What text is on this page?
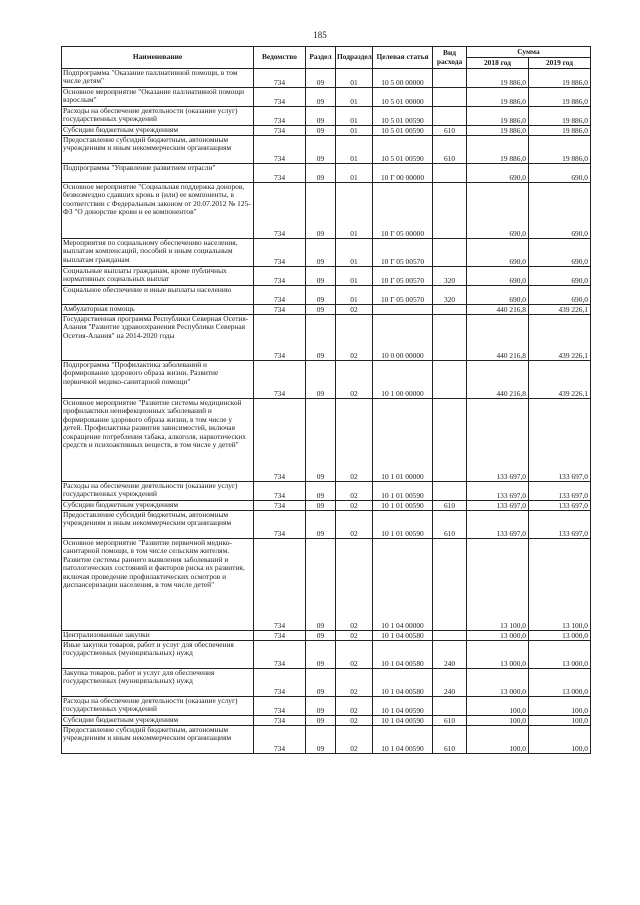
185
Наименование	Ведомство	Раздел	Подраздел	Целевая статья	Вид расхода	Сумма	
						2018 год	2019 год

Подпрограмма "Оказание паллиативной помощи, в том числе детям"	734	09	01	10 5 00 00000		19 886,0	19 886,0

Основное мероприятие "Оказание паллиативной помощи взрослым"	734	09	01	10 5 01 00000		19 886,0	19 886,0

Расходы на обеспечение деятельности (оказание услуг) государственных учреждений	734	09	01	10 5 01 00590		19 886,0	19 886,0

Субсидии бюджетным учреждениям	734	09	01	10 5 01 00590	610	19 886,0	19 886,0

Предоставление субсидий бюджетным, автономным учреждениям и иным некоммерческим организациям	734	09	01	10 5 01 00590	610	19 886,0	19 886,0

Подпрограмма "Управление развитием отрасли"	734	09	01	10 Г 00 00000		690,0	690,0

Основное мероприятие "Социальная поддержка доноров, безвозмездно сдавших кровь и (или) ее компоненты, в соответствии с Федеральным законом от 20.07.2012 № 125-ФЗ "О донорстве крови и ее компонентов"	734	09	01	10 Г 05 00000		690,0	690,0

Мероприятия по социальному обеспечению населения, выплатам компенсаций, пособий и иным социальным выплатам гражданам	734	09	01	10 Г 05 00570		690,0	690,0

Социальные выплаты гражданам, кроме публичных нормативных социальных выплат	734	09	01	10 Г 05 00570	320	690,0	690,0

Социальное обеспечение и иные выплаты населению	734	09	01	10 Г 05 00570	320	690,0	690,0

Амбулаторная помощь	734	09	02			440 216,8	439 226,1

Государственная программа Республики Северная Осетия-Алания "Развитие здравоохранения Республики Северная Осетия-Алания" на 2014-2020 годы	734	09	02	10 0 00 00000		440 216,8	439 226,1

Подпрограмма "Профилактика заболеваний и формирование здорового образа жизни. Развитие первичной медико-санитарной помощи"	734	09	02	10 1 00 00000		440 216,8	439 226,1

Основное мероприятие "Развитие системы медицинской профилактики неинфекционных заболеваний и формирование здорового образа жизни, в том числе у детей. Профилактика развития зависимостей, включая сокращение потребления табака, алкоголя, наркотических средств и психоактивных веществ, в том числе у детей"	734	09	02	10 1 01 00000		133 697,0	133 697,0

Расходы на обеспечение деятельности (оказание услуг) государственных учреждений	734	09	02	10 1 01 00590		133 697,0	133 697,0

Субсидии бюджетным учреждениям	734	09	02	10 1 01 00590	610	133 697,0	133 697,0

Предоставление субсидий бюджетным, автономным учреждениям и иным некоммерческим организациям	734	09	02	10 1 01 00590	610	133 697,0	133 697,0

Основное мероприятие "Развитие первичной медико-санитарной помощи, в том числе сельским жителям. Развитие системы раннего выявления заболеваний и патологических состояний и факторов риска их развития, включая проведение профилактических осмотров и диспансеризации населения, в том числе детей"	734	09	02	10 1 04 00000		13 100,0	13 100,0

Централизованные закупки	734	09	02	10 1 04 00580		13 000,0	13 000,0

Иные закупки товаров, работ и услуг для обеспечения государственных (муниципальных) нужд	734	09	02	10 1 04 00580	240	13 000,0	13 000,0

Закупка товаров, работ и услуг для обеспечения государственных (муниципальных) нужд	734	09	02	10 1 04 00580	240	13 000,0	13 000,0

Расходы на обеспечение деятельности (оказание услуг) государственных учреждений	734	09	02	10 1 04 00590		100,0	100,0

Субсидии бюджетным учреждениям	734	09	02	10 1 04 00590	610	100,0	100,0

Предоставление субсидий бюджетным, автономным учреждениям и иным некоммерческим организациям	734	09	02	10 1 04 00590	610	100,0	100,0
